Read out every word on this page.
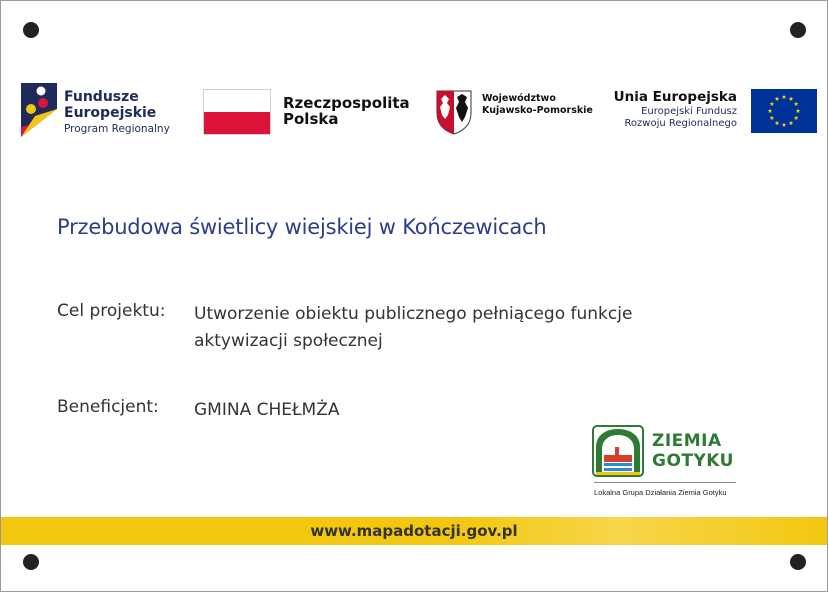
Fundusze
Europejskie
Program Regionalny
Rzeczpospolita
Polska
Województwo
Kujawsko-Pomorskie
Unia Europejska
Europejski Fundusz
Rozwoju Regionalnego
Przebudowa świetlicy wiejskiej w Kończewicach
Cel projektu: Utworzenie obiektu publicznego pełniącego funkcje aktywizacji społecznej
Beneficjent: GMINA CHEŁMŻA
ZIEMIA
GOTYKU
Lokalna Grupa Działania Ziemia Gotyku
www.mapadotacji.gov.pl
